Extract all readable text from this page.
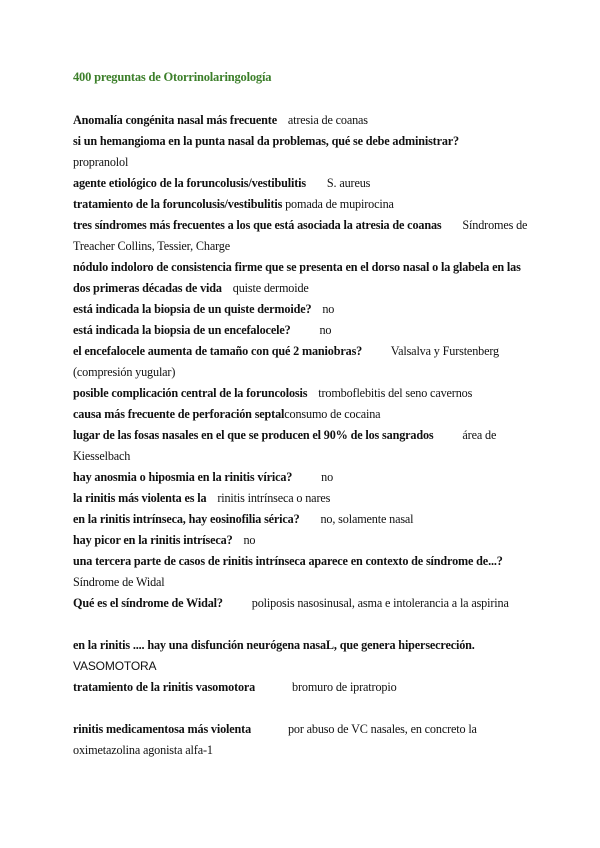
400 preguntas de Otorrinolaringología

Anomalía congénita nasal más frecuente atresia de coanas

si un hemangioma en la punta nasal da problemas, qué se debe administrar?
propranolol

agente etiológico de la foruncolusis/vestibulitis S. aureus

tratamiento de la foruncolusis/vestibulitis pomada de mupirocina

tres síndromes más frecuentes a los que está asociada la atresia de coanas Síndromes de Treacher Collins, Tessier, Charge

nódulo indoloro de consistencia firme que se presenta en el dorso nasal o la glabela en las dos primeras décadas de vida quiste dermoide

está indicada la biopsia de un quiste dermoide? no

está indicada la biopsia de un encefalocele? no

el encefalocele aumenta de tamaño con qué 2 maniobras? Valsalva y Furstenberg (compresión yugular)

posible complicación central de la foruncolosis tromboflebitis del seno cavernos

causa más frecuente de perforación septalconsumo de cocaina

lugar de las fosas nasales en el que se producen el 90% de los sangrados área de Kiesselbach

hay anosmia o hiposmia en la rinitis vírica? no

la rinitis más violenta es la rinitis intrínseca o nares

en la rinitis intrínseca, hay eosinofilia sérica? no, solamente nasal

hay picor en la rinitis intríseca? no

una tercera parte de casos de rinitis intrínseca aparece en contexto de síndrome de...?
Síndrome de Widal

Qué es el síndrome de Widal? poliposis nasosinusal, asma e intolerancia a la aspirina

en la rinitis .... hay una disfunción neurógena nasaL, que genera hipersecreción.
VASOMOTORA

tratamiento de la rinitis vasomotora	bromuro de ipratropio

rinitis medicamentosa más violenta	por abuso de VC nasales, en concreto la oximetazolina agonista alfa-1
